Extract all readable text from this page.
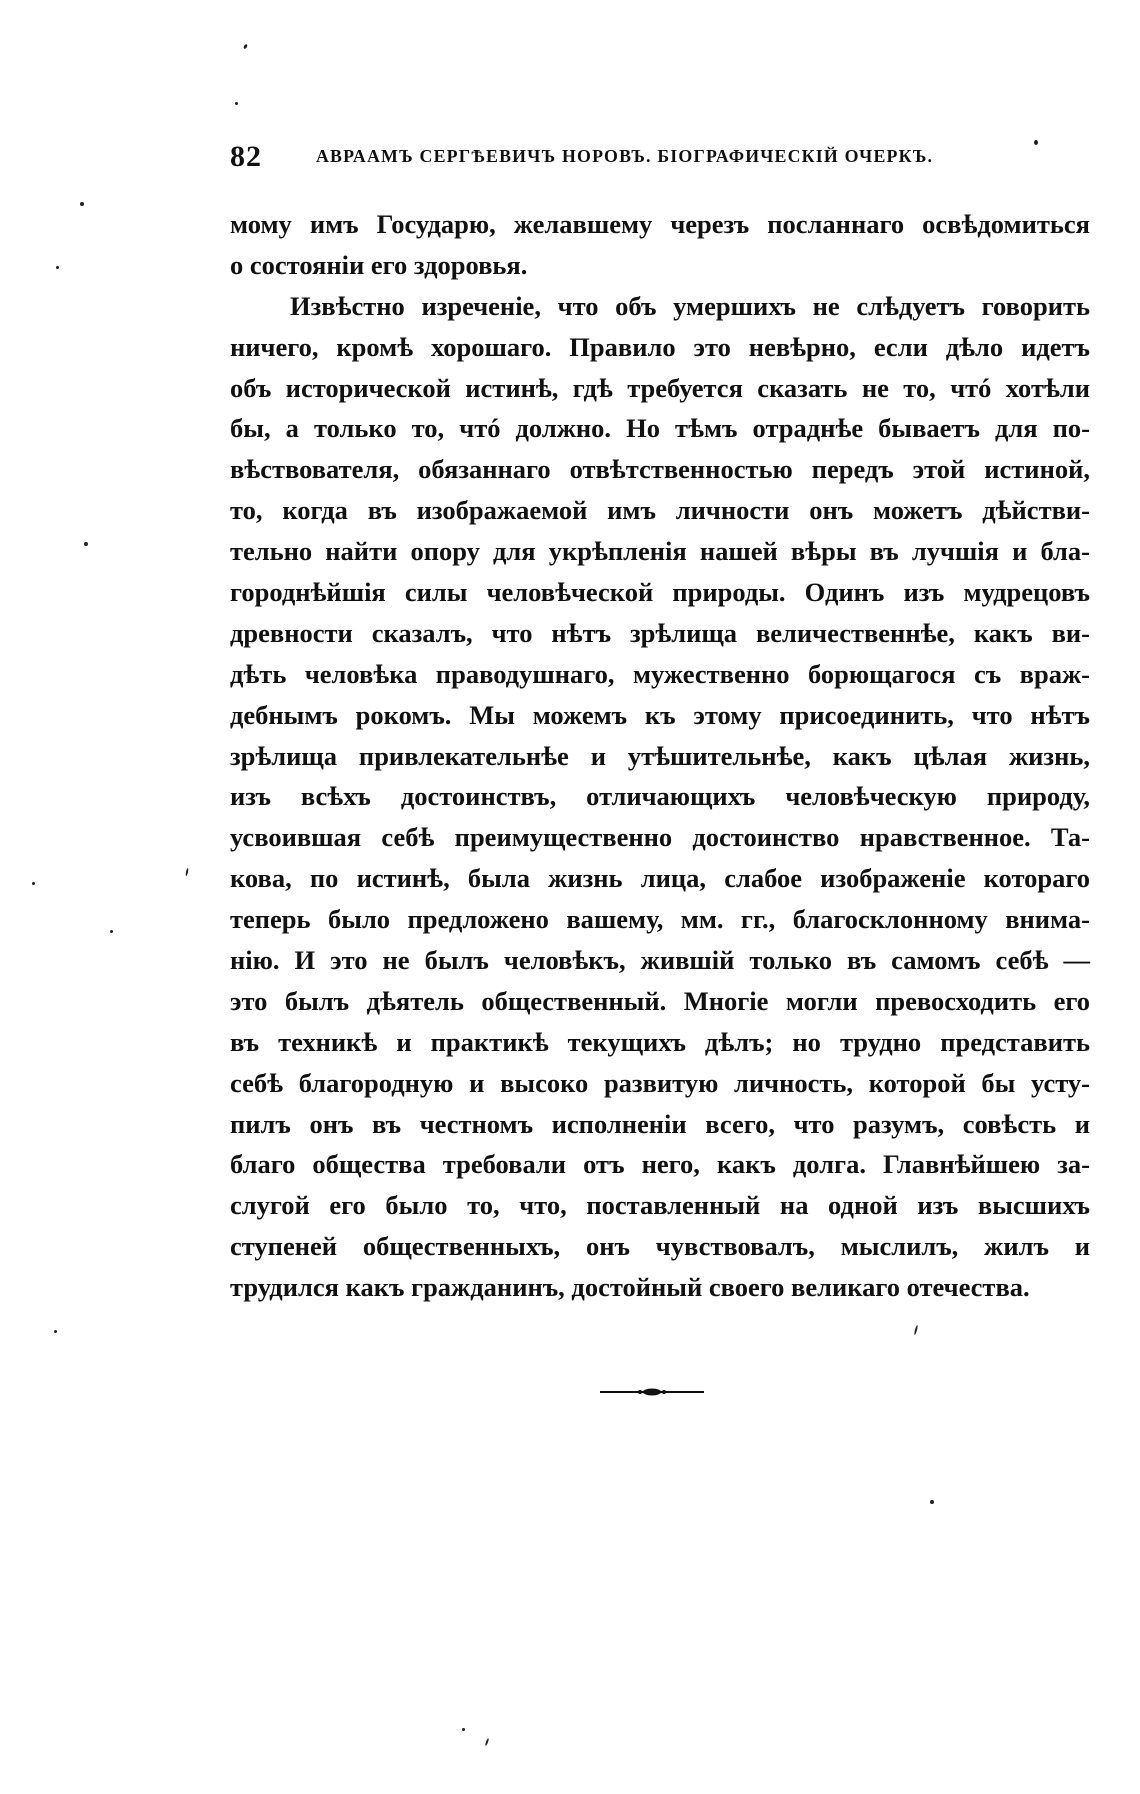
82	АВРААМЪ СЕРГѢЕВИЧЪ НОРОВЪ. БІОГРАФИЧЕСКІЙ ОЧЕРКЪ.
мому имъ Государю, желавшему черезъ посланнаго освѣдомиться
о состояніи его здоровья.
Извѣстно изреченіе, что объ умершихъ не слѣдуетъ говорить
ничего, кромѣ хорошаго. Правило это невѣрно, если дѣло идетъ
объ исторической истинѣ, гдѣ требуется сказать не то, чтó хотѣли
бы, а только то, чтó должно. Но тѣмъ отраднѣе бываетъ для по-
вѣствователя, обязаннаго отвѣтственностью передъ этой истиной,
то, когда въ изображаемой имъ личности онъ можетъ дѣйстви-
тельно найти опору для укрѣпленія нашей вѣры въ лучшія и бла-
городнѣйшія силы человѣческой природы. Одинъ изъ мудрецовъ
древности сказалъ, что нѣтъ зрѣлища величественнѣе, какъ ви-
дѣть человѣка праводушнаго, мужественно борющагося съ враж-
дебнымъ рокомъ. Мы можемъ къ этому присоединить, что нѣтъ
зрѣлища привлекательнѣе и утѣшительнѣе, какъ цѣлая жизнь,
изъ всѣхъ достоинствъ, отличающихъ человѣческую природу,
усвоившая себѣ преимущественно достоинство нравственное. Та-
кова, по истинѣ, была жизнь лица, слабое изображеніе котораго
теперь было предложено вашему, мм. гг., благосклонному внима-
нію. И это не былъ человѣкъ, жившій только въ самомъ себѣ —
это былъ дѣятель общественный. Многіе могли превосходить его
въ техникѣ и практикѣ текущихъ дѣлъ; но трудно представить
себѣ благородную и высоко развитую личность, которой бы усту-
пилъ онъ въ честномъ исполненіи всего, что разумъ, совѣсть и
благо общества требовали отъ него, какъ долга. Главнѣйшею за-
слугой его было то, что, поставленный на одной изъ высшихъ
ступеней общественныхъ, онъ чувствовалъ, мыслилъ, жилъ и
трудился какъ гражданинъ, достойный своего великаго отечества.
